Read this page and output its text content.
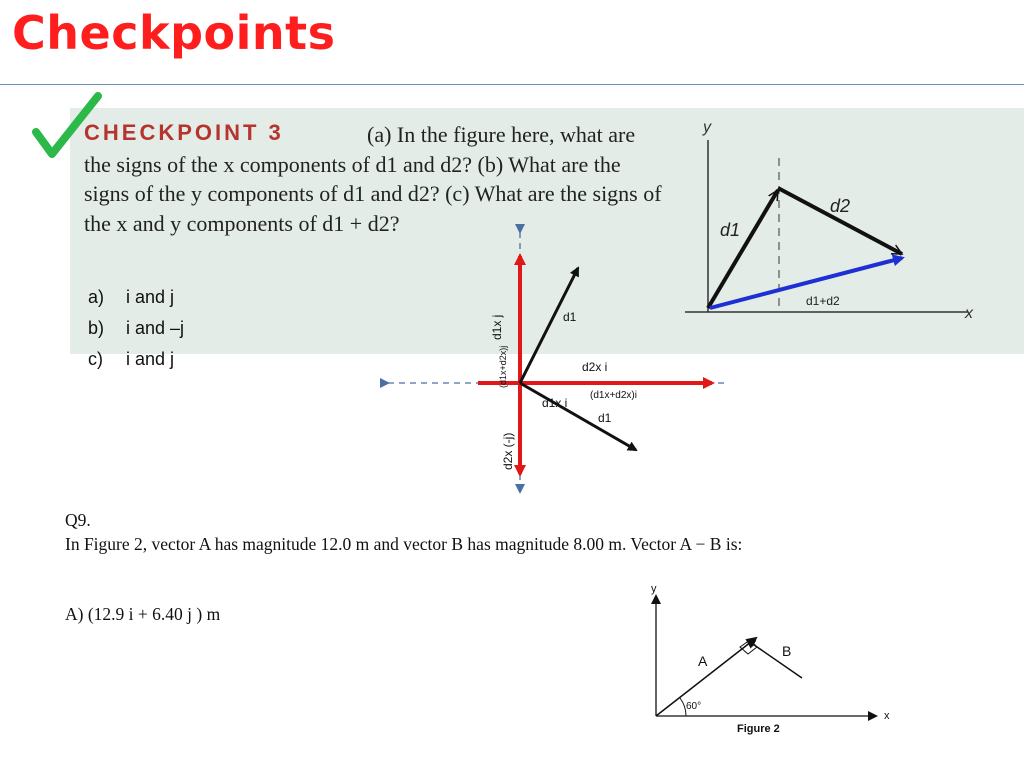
Checkpoints
y
x
d1
d2
d1+d2
d1
d2x i
(d1x+d2x)i
d1x i
d1
d1x j
(d1x+d2x)j
d2x (-j)
y
x
A
B
60°
Figure 2
CHECKPOINT 3	(a) In the figure here, what are the signs of the x components of d1 and d2? (b) What are the signs of the y components of d1 and d2? (c) What are the signs of the x and y components of d1 + d2?
a) i and j
b) i and –j
c) i and j
Q9.
In Figure 2, vector A has magnitude 12.0 m and vector B has magnitude 8.00 m. Vector A − B is:
A) (12.9 i + 6.40 j ) m
